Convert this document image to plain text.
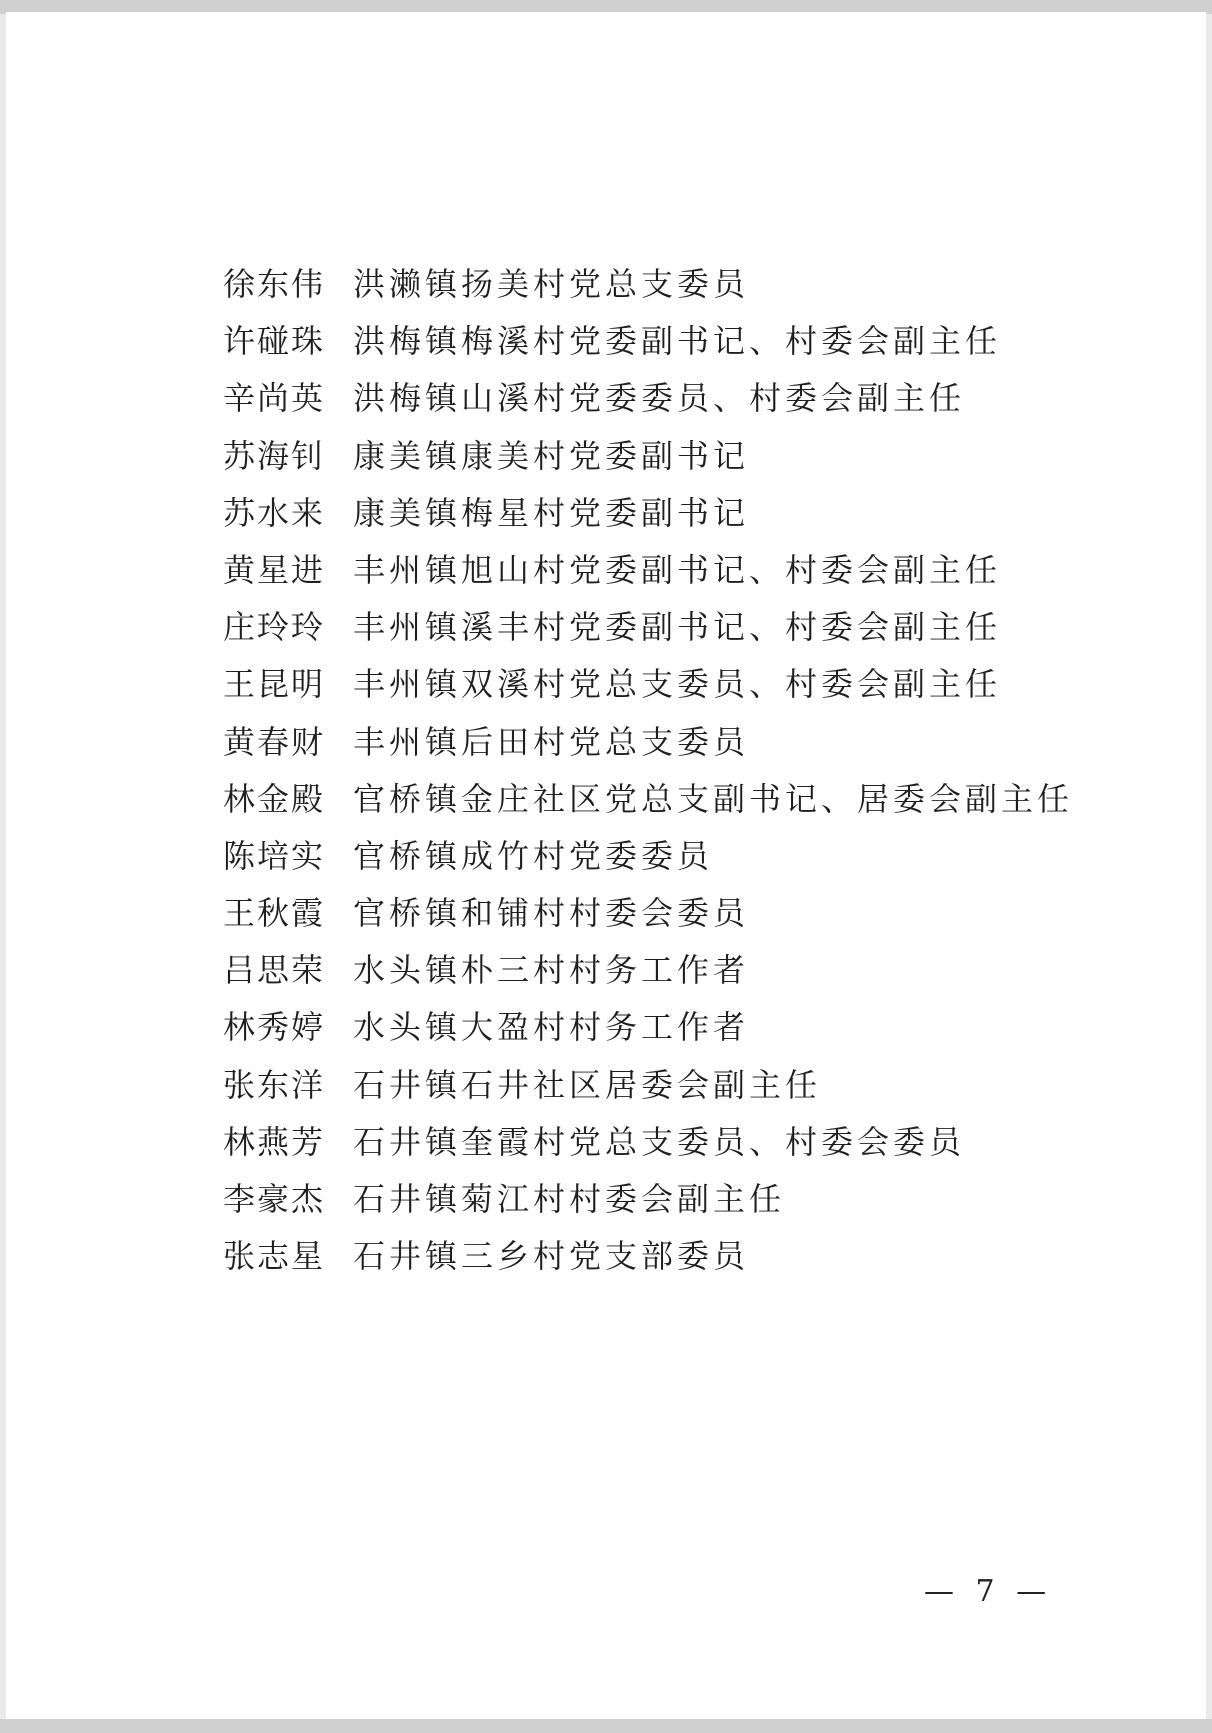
徐东伟 洪濑镇扬美村党总支委员
许碰珠 洪梅镇梅溪村党委副书记、村委会副主任
辛尚英 洪梅镇山溪村党委委员、村委会副主任
苏海钊 康美镇康美村党委副书记
苏水来 康美镇梅星村党委副书记
黄星进 丰州镇旭山村党委副书记、村委会副主任
庄玲玲 丰州镇溪丰村党委副书记、村委会副主任
王昆明 丰州镇双溪村党总支委员、村委会副主任
黄春财 丰州镇后田村党总支委员
林金殿 官桥镇金庄社区党总支副书记、居委会副主任
陈培实 官桥镇成竹村党委委员
王秋霞 官桥镇和铺村村委会委员
吕思荣 水头镇朴三村村务工作者
林秀婷 水头镇大盈村村务工作者
张东洋 石井镇石井社区居委会副主任
林燕芳 石井镇奎霞村党总支委员、村委会委员
李豪杰 石井镇菊江村村委会副主任
张志星 石井镇三乡村党支部委员
— 7 —
